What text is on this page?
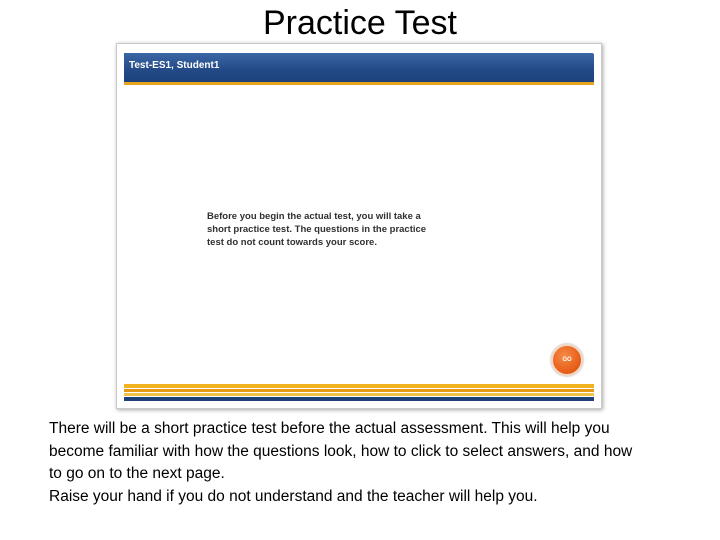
Practice Test
Test-ES1, Student1
Before you begin the actual test, you will take a
short practice test. The questions in the practice
test do not count towards your score.
GO
There will be a short practice test before the actual assessment. This will help you
become familiar with how the questions look, how to click to select answers, and how
to go on to the next page.
Raise your hand if you do not understand and the teacher will help you.
